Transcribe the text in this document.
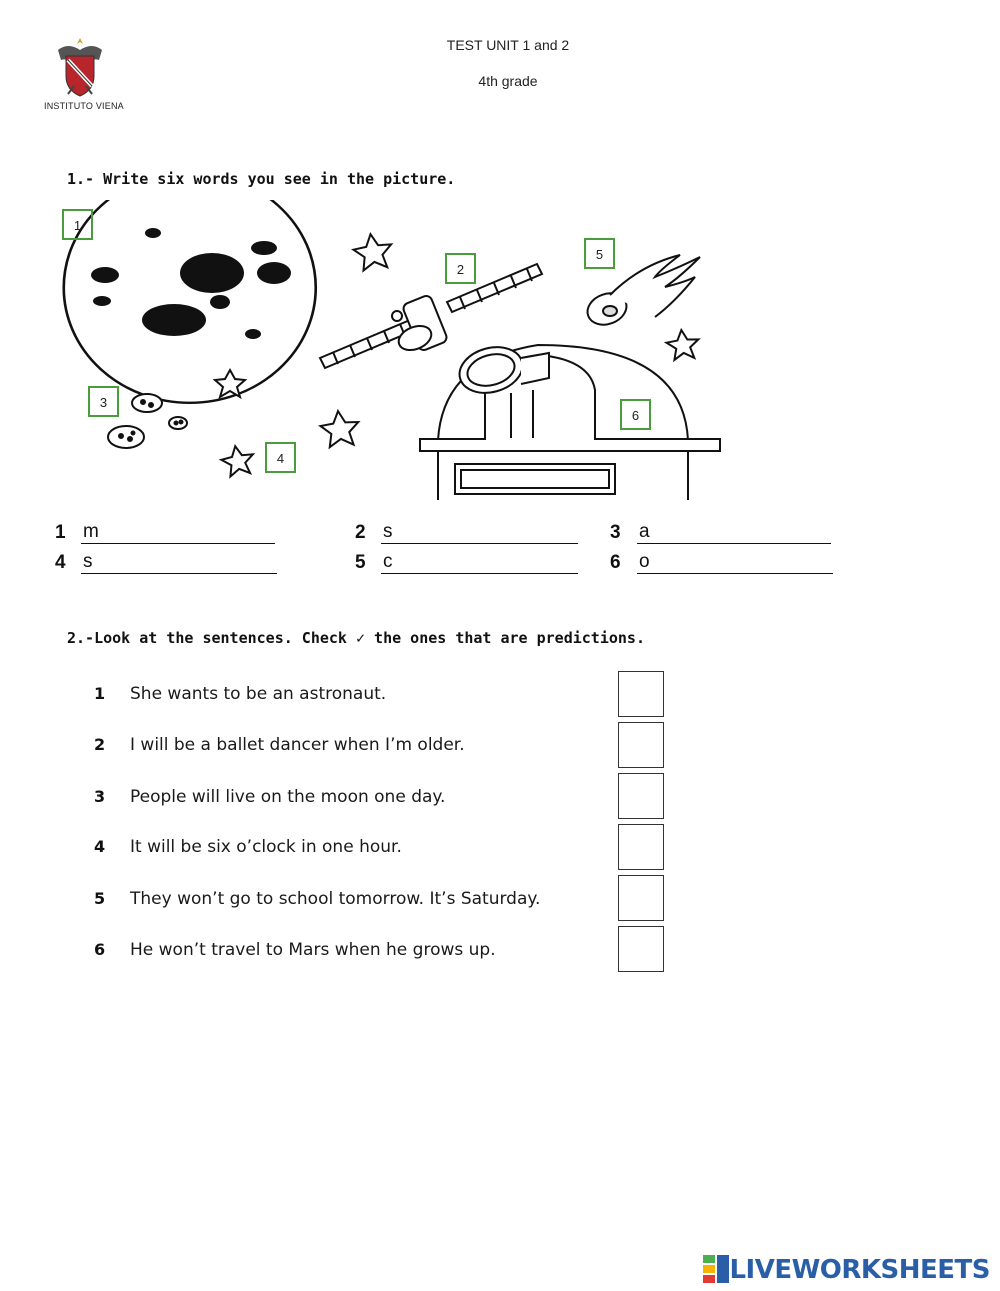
INSTITUTO VIENA
TEST UNIT 1 and 2
4th grade
1.- Write six words you see in the picture.
1
2
3
4
5
6
1 m	2 s	3 a
4 s	5 c	6 o
2.-Look at the sentences. Check ✓ the ones that are predictions.
1 She wants to be an astronaut.
2 I will be a ballet dancer when I’m older.
3 People will live on the moon one day.
4 It will be six o’clock in one hour.
5 They won’t go to school tomorrow. It’s Saturday.
6 He won’t travel to Mars when he grows up.
LIVEWORKSHEETS
